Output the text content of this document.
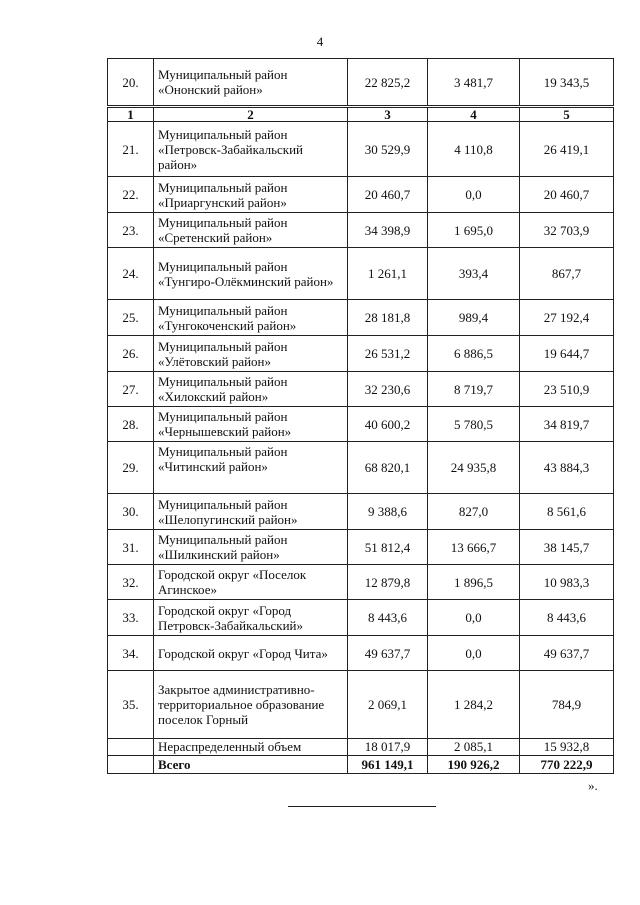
4
20.	Муниципальный район «Ононский район»	22 825,2	3 481,7	19 343,5
1	2	3	4	5
21.	Муниципальный район «Петровск-Забайкальский район»	30 529,9	4 110,8	26 419,1
22.	Муниципальный район «Приаргунский район»	20 460,7	0,0	20 460,7
23.	Муниципальный район «Сретенский район»	34 398,9	1 695,0	32 703,9
24.	Муниципальный район «Тунгиро-Олёкминский район»	1 261,1	393,4	867,7
25.	Муниципальный район «Тунгокоченский район»	28 181,8	989,4	27 192,4
26.	Муниципальный район «Улётовский район»	26 531,2	6 886,5	19 644,7
27.	Муниципальный район «Хилокский район»	32 230,6	8 719,7	23 510,9
28.	Муниципальный район «Чернышевский район»	40 600,2	5 780,5	34 819,7
29.	Муниципальный район «Читинский район»	68 820,1	24 935,8	43 884,3
30.	Муниципальный район «Шелопугинский район»	9 388,6	827,0	8 561,6
31.	Муниципальный район «Шилкинский район»	51 812,4	13 666,7	38 145,7
32.	Городской округ «Поселок Агинское»	12 879,8	1 896,5	10 983,3
33.	Городской округ «Город Петровск-Забайкальский»	8 443,6	0,0	8 443,6
34.	Городской округ «Город Чита»	49 637,7	0,0	49 637,7
35.	Закрытое административно-территориальное образование поселок Горный	2 069,1	1 284,2	784,9
	Нераспределенный объем	18 017,9	2 085,1	15 932,8
	Всего	961 149,1	190 926,2	770 222,9
».
